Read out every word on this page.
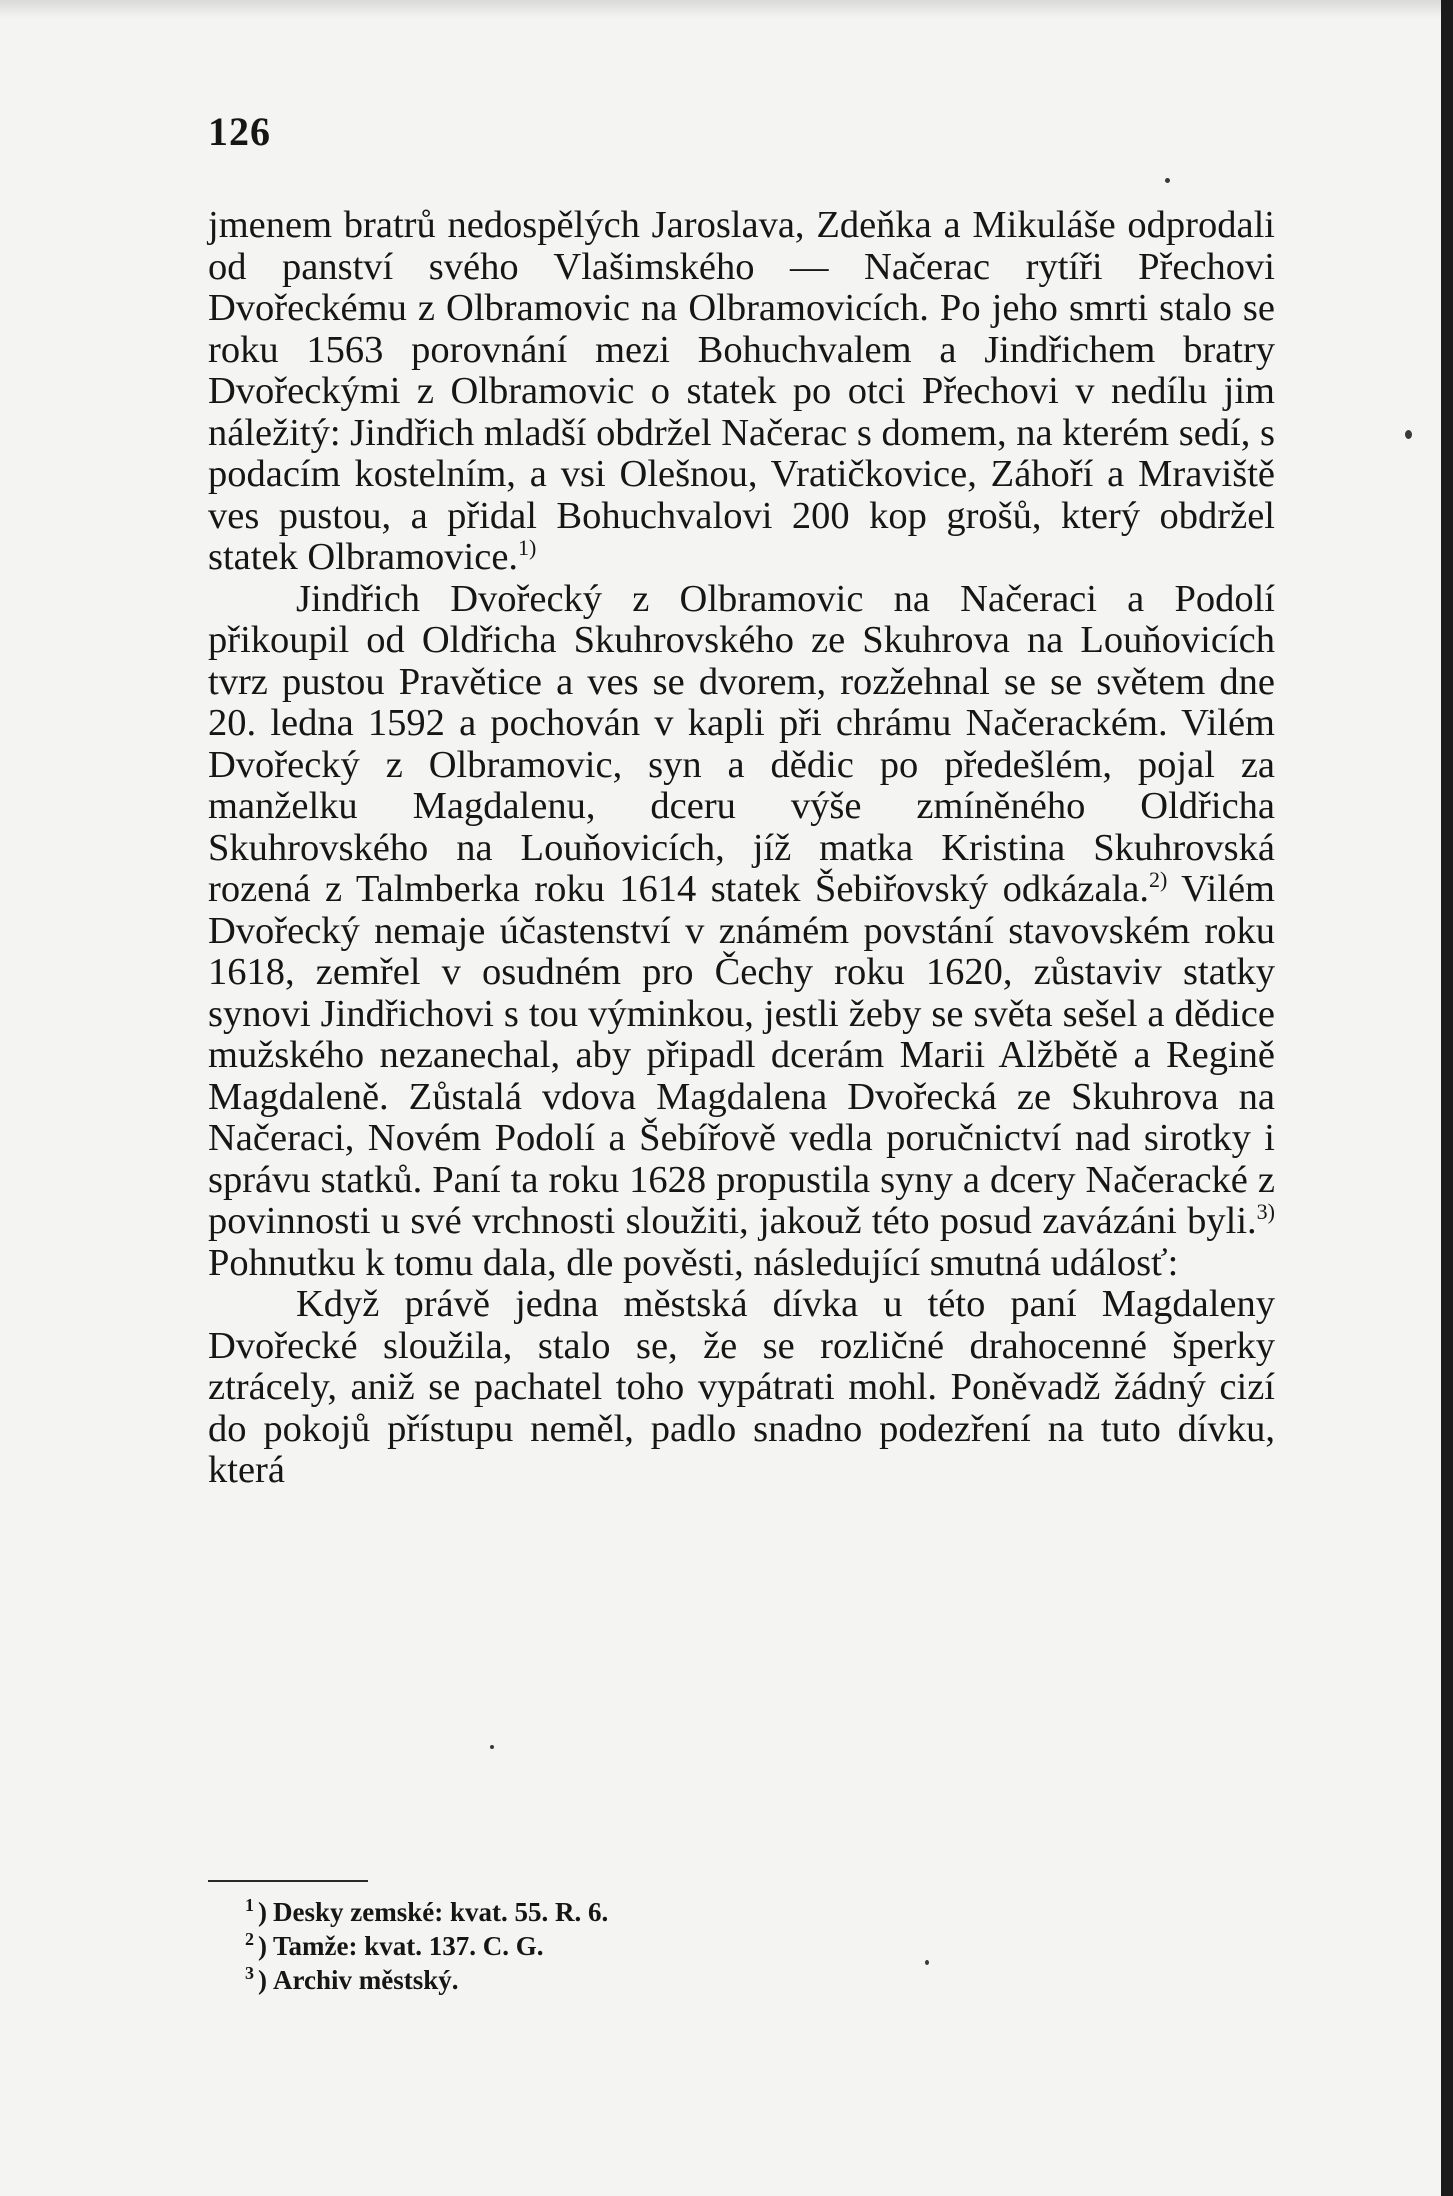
126

jmenem bratrů nedospělých Jaroslava, Zdeňka a Mikuláše odprodali od panství svého Vlašimského — Načerac rytíři Přechovi Dvořeckému z Olbramovic na Olbramovicích. Po jeho smrti stalo se roku 1563 porovnání mezi Bohuchvalem a Jindřichem bratry Dvořeckými z Olbramovic o statek po otci Přechovi v nedílu jim náležitý: Jindřich mladší obdržel Načerac s domem, na kterém sedí, s podacím kostelním, a vsi Olešnou, Vratičkovice, Záhoří a Mraviště ves pustou, a přidal Bohuchvalovi 200 kop grošů, který obdržel statek Olbramovice.$^{1)}$

Jindřich Dvořecký z Olbramovic na Načeraci a Podolí přikoupil od Oldřicha Skuhrovského ze Skuhrova na Louňovicích tvrz pustou Pravětice a ves se dvorem, rozžehnal se se světem dne 20. ledna 1592 a pochován v kapli při chrámu Načerackém. Vilém Dvořecký z Olbramovic, syn a dědic po předešlém, pojal za manželku Magdalenu, dceru výše zmíněného Oldřicha Skuhrovského na Louňovicích, jíž matka Kristina Skuhrovská rozená z Talmberka roku 1614 statek Šebiřovský odkázala.$^{2)}$ Vilém Dvořecký nemaje účastenství v známém povstání stavovském roku 1618, zemřel v osudném pro Čechy roku 1620, zůstaviv statky synovi Jindřichovi s tou výminkou, jestli žeby se světa sešel a dědice mužského nezanechal, aby připadl dcerám Marii Alžbětě a Regině Magdaleně. Zůstalá vdova Magdalena Dvořecká ze Skuhrova na Načeraci, Novém Podolí a Šebířově vedla poručnictví nad sirotky i správu statků. Paní ta roku 1628 propustila syny a dcery Načeracké z povinnosti u své vrchnosti sloužiti, jakouž této posud zavázáni byli.$^{3)}$ Pohnutku k tomu dala, dle pověsti, následující smutná událosť:

Když právě jedna městská dívka u této paní Magdaleny Dvořecké sloužila, stalo se, že se rozličné drahocenné šperky ztrácely, aniž se pachatel toho vypátrati mohl. Poněvadž žádný cizí do pokojů přístupu neměl, padlo snadno podezření na tuto dívku, která

$^1$ ) Desky zemské: kvat. 55. R. 6.
$^2$ ) Tamže: kvat. 137. C. G.
$^3$ ) Archiv městský.
